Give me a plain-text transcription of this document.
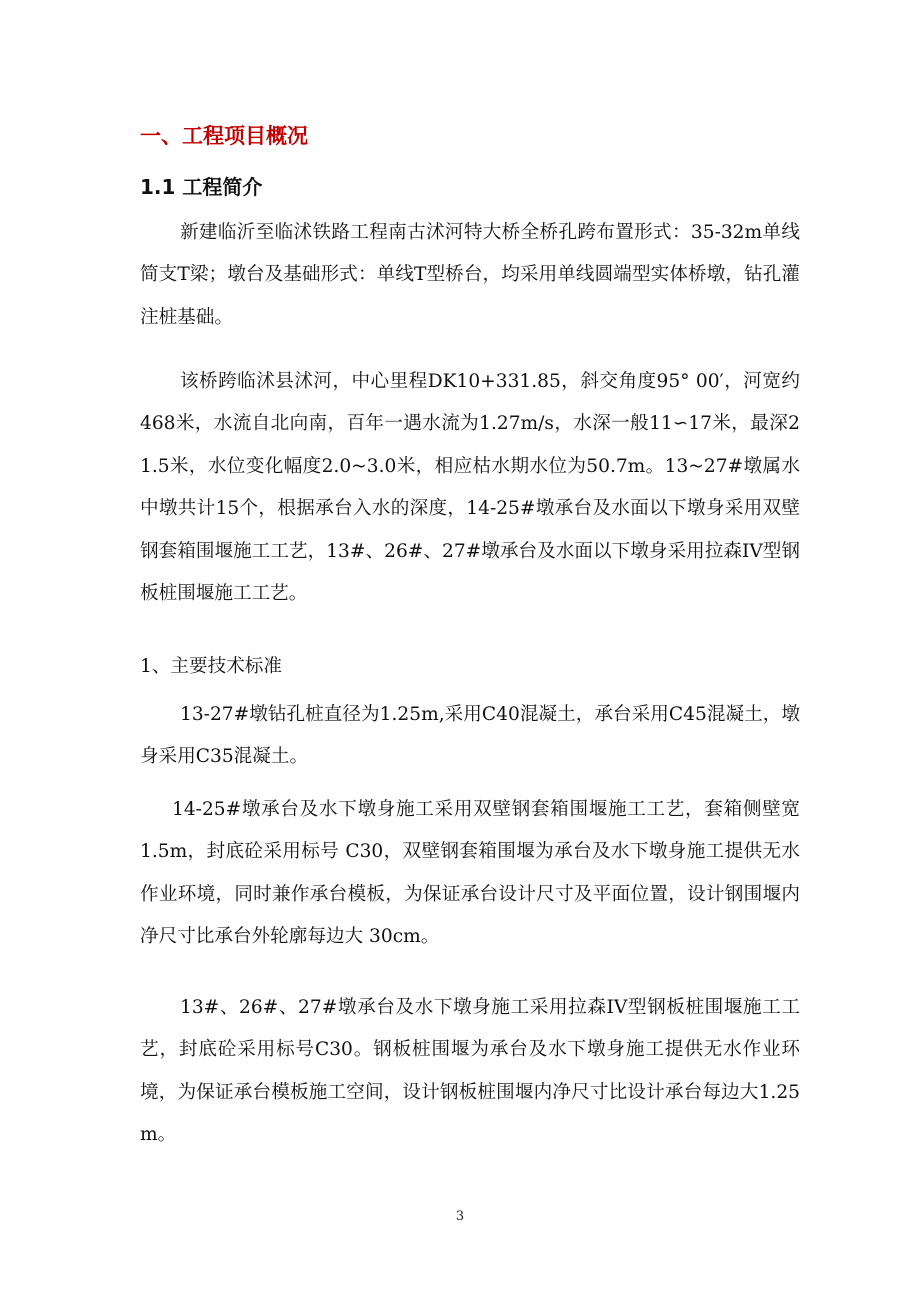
一、工程项目概况
1.1 工程简介
新建临沂至临沭铁路工程南古沭河特大桥全桥孔跨布置形式：35-32m单线简支T梁；墩台及基础形式：单线T型桥台，均采用单线圆端型实体桥墩，钻孔灌注桩基础。
该桥跨临沭县沭河，中心里程DK10+331.85，斜交角度95° 00′，河宽约468米，水流自北向南，百年一遇水流为1.27m/s，水深一般11∽17米，最深21.5米，水位变化幅度2.0~3.0米，相应枯水期水位为50.7m。13~27#墩属水中墩共计15个，根据承台入水的深度，14-25#墩承台及水面以下墩身采用双壁钢套箱围堰施工工艺，13#、26#、27#墩承台及水面以下墩身采用拉森IV型钢板桩围堰施工工艺。
1、主要技术标准
13-27#墩钻孔桩直径为1.25m,采用C40混凝土，承台采用C45混凝土，墩身采用C35混凝土。
14-25#墩承台及水下墩身施工采用双壁钢套箱围堰施工工艺，套箱侧壁宽 1.5m，封底砼采用标号 C30，双壁钢套箱围堰为承台及水下墩身施工提供无水作业环境，同时兼作承台模板，为保证承台设计尺寸及平面位置，设计钢围堰内净尺寸比承台外轮廓每边大 30cm。
13#、26#、27#墩承台及水下墩身施工采用拉森IV型钢板桩围堰施工工艺，封底砼采用标号C30。钢板桩围堰为承台及水下墩身施工提供无水作业环境，为保证承台模板施工空间，设计钢板桩围堰内净尺寸比设计承台每边大1.25m。
3
